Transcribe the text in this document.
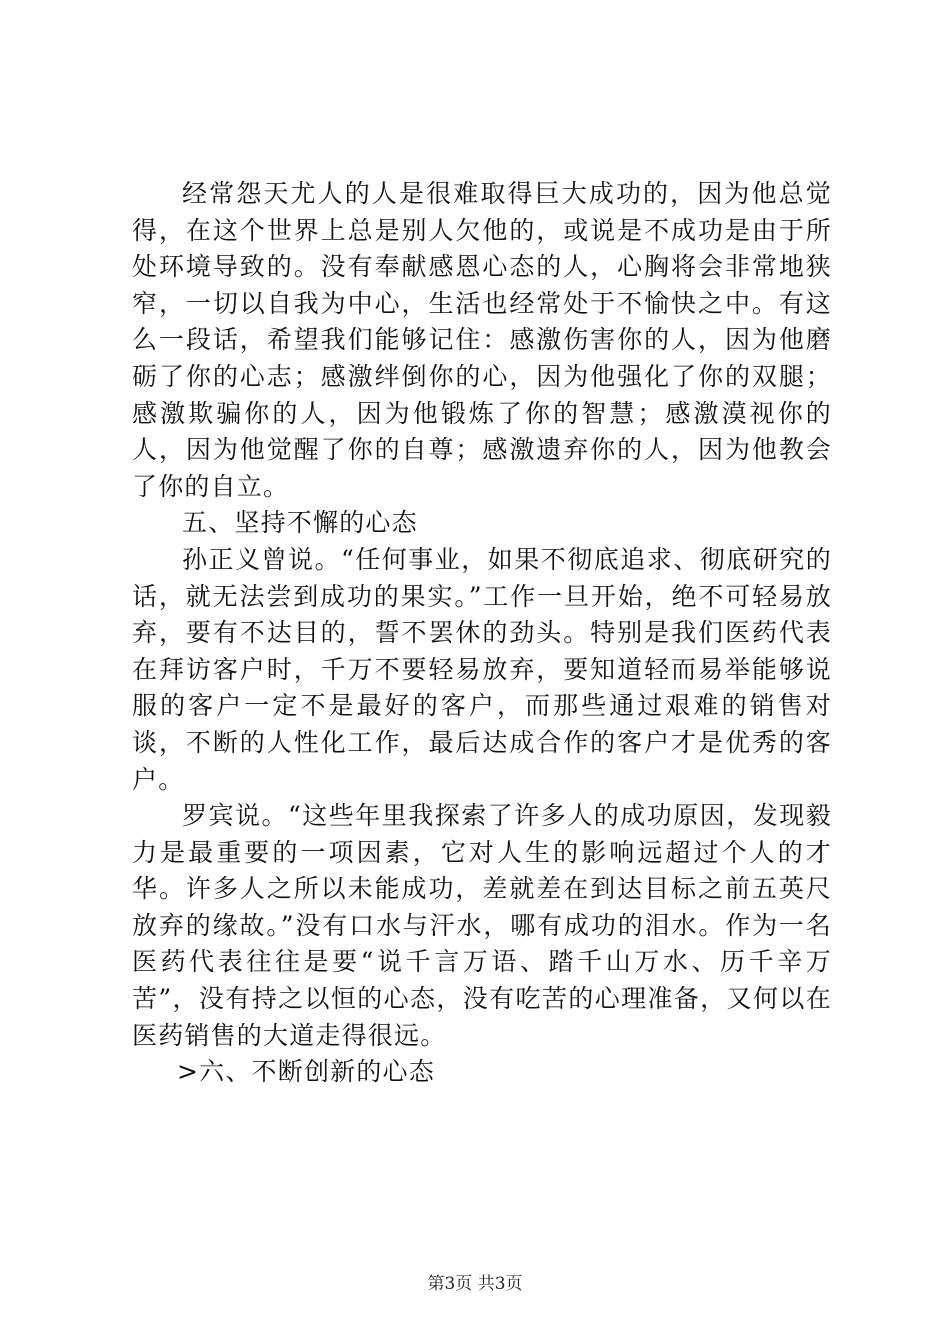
经常怨天尤人的人是很难取得巨大成功的，因为他总觉得，在这个世界上总是别人欠他的，或说是不成功是由于所处环境导致的。没有奉献感恩心态的人，心胸将会非常地狭窄，一切以自我为中心，生活也经常处于不愉快之中。有这么一段话，希望我们能够记住：感激伤害你的人，因为他磨砺了你的心志；感激绊倒你的心，因为他强化了你的双腿；感激欺骗你的人，因为他锻炼了你的智慧；感激漠视你的人，因为他觉醒了你的自尊；感激遗弃你的人，因为他教会了你的自立。

五、坚持不懈的心态

孙正义曾说。“任何事业，如果不彻底追求、彻底研究的话，就无法尝到成功的果实。”工作一旦开始，绝不可轻易放弃，要有不达目的，誓不罢休的劲头。特别是我们医药代表在拜访客户时，千万不要轻易放弃，要知道轻而易举能够说服的客户一定不是最好的客户，而那些通过艰难的销售对谈，不断的人性化工作，最后达成合作的客户才是优秀的客户。

罗宾说。“这些年里我探索了许多人的成功原因，发现毅力是最重要的一项因素，它对人生的影响远超过个人的才华。许多人之所以未能成功，差就差在到达目标之前五英尺放弃的缘故。”没有口水与汗水，哪有成功的泪水。作为一名医药代表往往是要“说千言万语、踏千山万水、历千辛万苦”，没有持之以恒的心态，没有吃苦的心理准备，又何以在医药销售的大道走得很远。

>六、不断创新的心态

第3页 共3页
